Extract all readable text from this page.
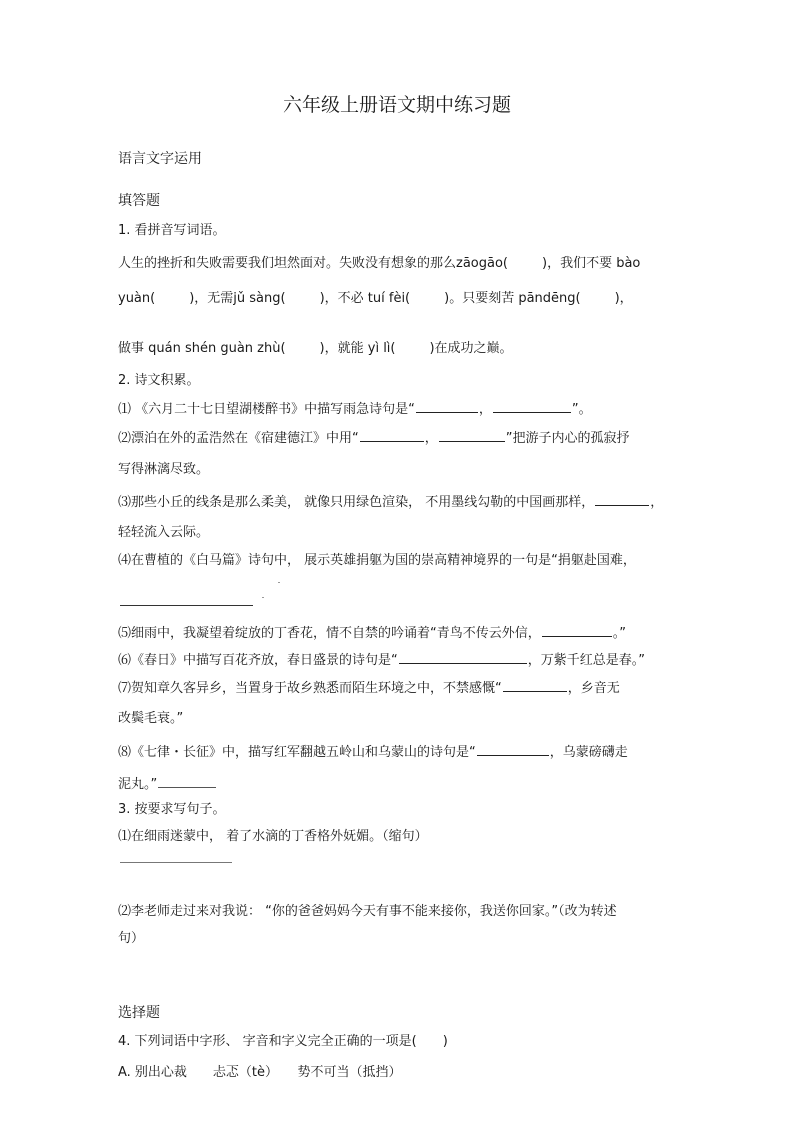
六年级上册语文期中练习题
语言文字运用
填答题
1. 看拼音写词语。
人生的挫折和失败需要我们坦然面对。失败没有想象的那么zāogāo(	)，我们不要 bào
yuàn(	)，无需jǔ sàng(	)，不必 tuí fèi(	)。只要刻苦 pāndēng(	)，
做事 quán shén guàn zhù(	)，就能 yì lì(	)在成功之巅。
2. 诗文积累。
⑴ 《六月二十七日望湖楼醉书》中描写雨急诗句是“	，	”。
⑵漂泊在外的孟浩然在《宿建德江》中用“	，	”把游子内心的孤寂抒
写得淋漓尽致。
⑶那些小丘的线条是那么柔美， 就像只用绿色渲染， 不用墨线勾勒的中国画那样，	，
轻轻流入云际。
⑷在曹植的《白马篇》诗句中， 展示英雄捐躯为国的崇高精神境界的一句是“捐躯赴国难，
⑸细雨中，我凝望着绽放的丁香花，情不自禁的吟诵着“青鸟不传云外信，	。”
⑹《春日》中描写百花齐放，春日盛景的诗句是“	，万紫千红总是春。”
⑺贺知章久客异乡，当置身于故乡熟悉而陌生环境之中，不禁感慨“	，乡音无
改鬓毛衰。”
⑻《七律・长征》中，描写红军翻越五岭山和乌蒙山的诗句是“	，乌蒙磅礴走
泥丸。”
3. 按要求写句子。
⑴在细雨迷蒙中， 着了水滴的丁香格外妩媚。（缩句）
⑵李老师走过来对我说： “你的爸爸妈妈今天有事不能来接你，我送你回家。”（改为转述
句）
选择题
4. 下列词语中字形、 字音和字义完全正确的一项是(　　)
A. 别出心裁　　忐忑（tè）　　势不可当（抵挡）
